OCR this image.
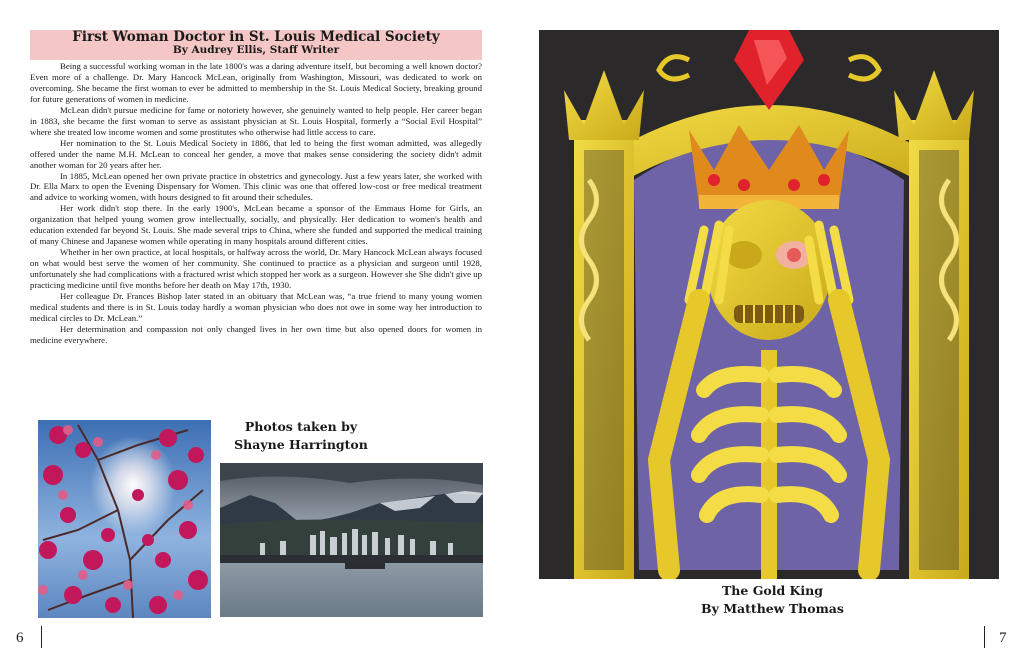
First Woman Doctor in St. Louis Medical Society
By Audrey Ellis, Staff Writer

Being a successful working woman in the late 1800's was a daring adventure itself, but becoming a well known doctor? Even more of a challenge. Dr. Mary Hancock McLean, originally from Washington, Missouri, was dedicated to work on overcoming. She became the first woman to ever be admitted to membership in the St. Louis Medical Society, breaking ground for future generations of women in medicine.

McLean didn't pursue medicine for fame or notoriety however, she genuinely wanted to help people. Her career began in 1883, she became the first woman to serve as assistant physician at St. Louis Hospital, formerly a “Social Evil Hospital” where she treated low income women and some prostitutes who otherwise had little access to care.

Her nomination to the St. Louis Medical Society in 1886, that led to being the first woman admitted, was allegedly offered under the name M.H. McLean to conceal her gender, a move that makes sense considering the society didn't admit another woman for 20 years after her.

In 1885, McLean opened her own private practice in obstetrics and gynecology. Just a few years later, she worked with Dr. Ella Marx to open the Evening Dispensary for Women. This clinic was one that offered low-cost or free medical treatment and advice to working women, with hours designed to fit around their schedules.

Her work didn't stop there. In the early 1900's, McLean became a sponsor of the Emmaus Home for Girls, an organization that helped young women grow intellectually, socially, and physically. Her dedication to women's health and education extended far beyond St. Louis. She made several trips to China, where she funded and supported the medical training of many Chinese and Japanese women while operating in many hospitals around different cities.

Whether in her own practice, at local hospitals, or halfway across the world, Dr. Mary Hancock McLean always focused on what would best serve the women of her community. She continued to practice as a physician and surgeon until 1928, unfortunately she had complications with a fractured wrist which stopped her work as a surgeon. However she She didn't give up practicing medicine until five months before her death on May 17th, 1930.

Her colleague Dr. Frances Bishop later stated in an obituary that McLean was, “a true friend to many young women medical students and there is in St. Louis today hardly a woman physician who does not owe in some way her introduction to medical circles to Dr. McLean.”

Her determination and compassion not only changed lives in her own time but also opened doors for women in medicine everywhere.

Photos taken by
Shayne Harrington
The Gold King
By Matthew Thomas
6	7
